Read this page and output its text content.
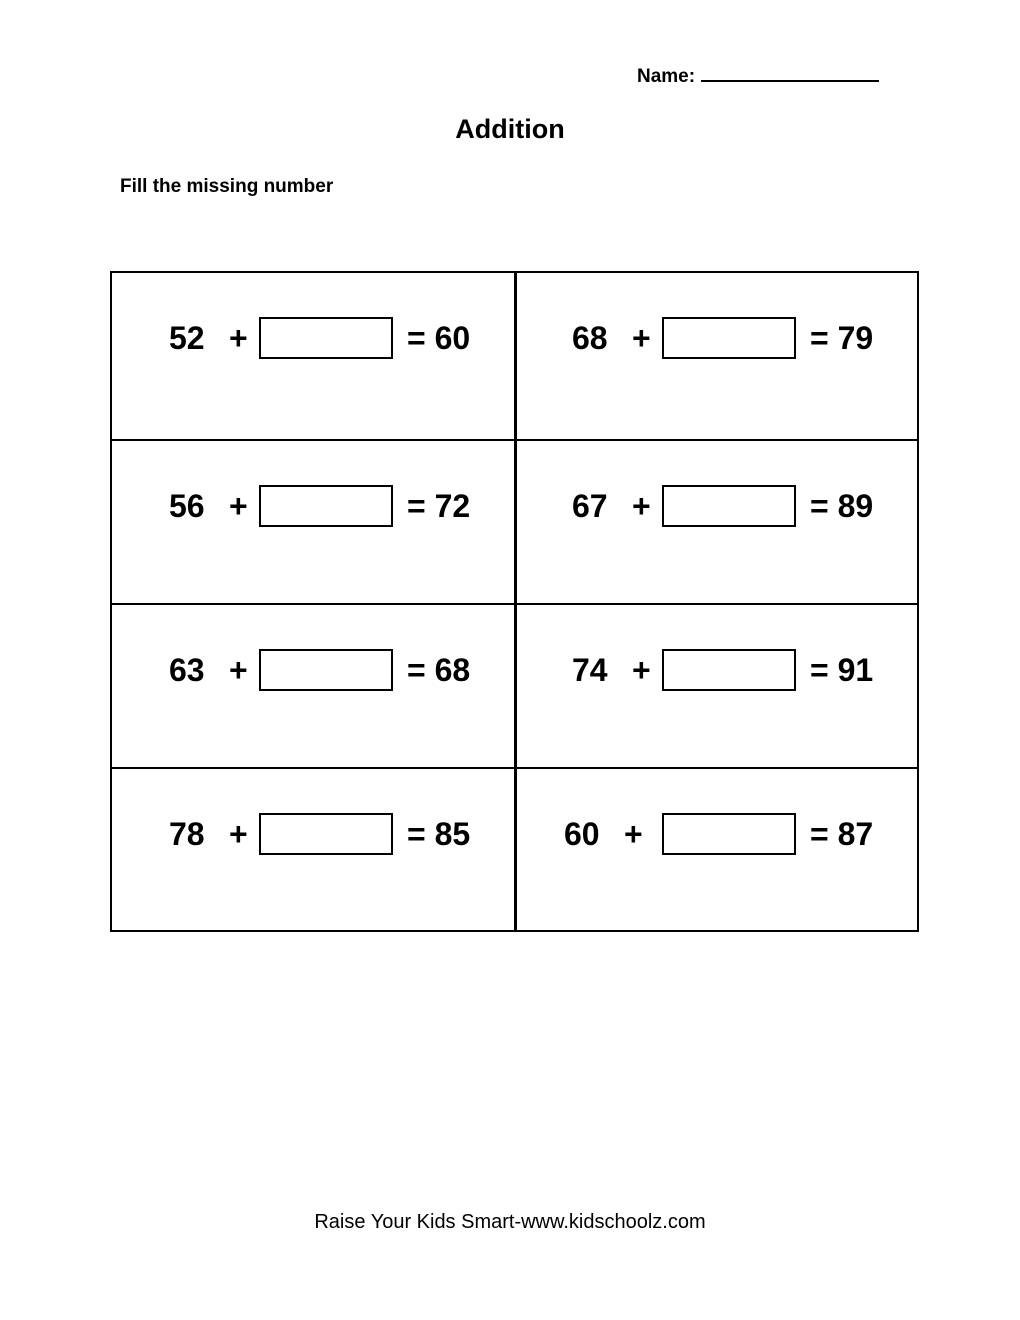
Name:
Addition
Fill the missing number
52 +	= 60	68 +	= 79
56 +	= 72	67 +	= 89
63 +	= 68	74 +	= 91
78 +	= 85	60 +	= 87
Raise Your Kids Smart-www.kidschoolz.com
